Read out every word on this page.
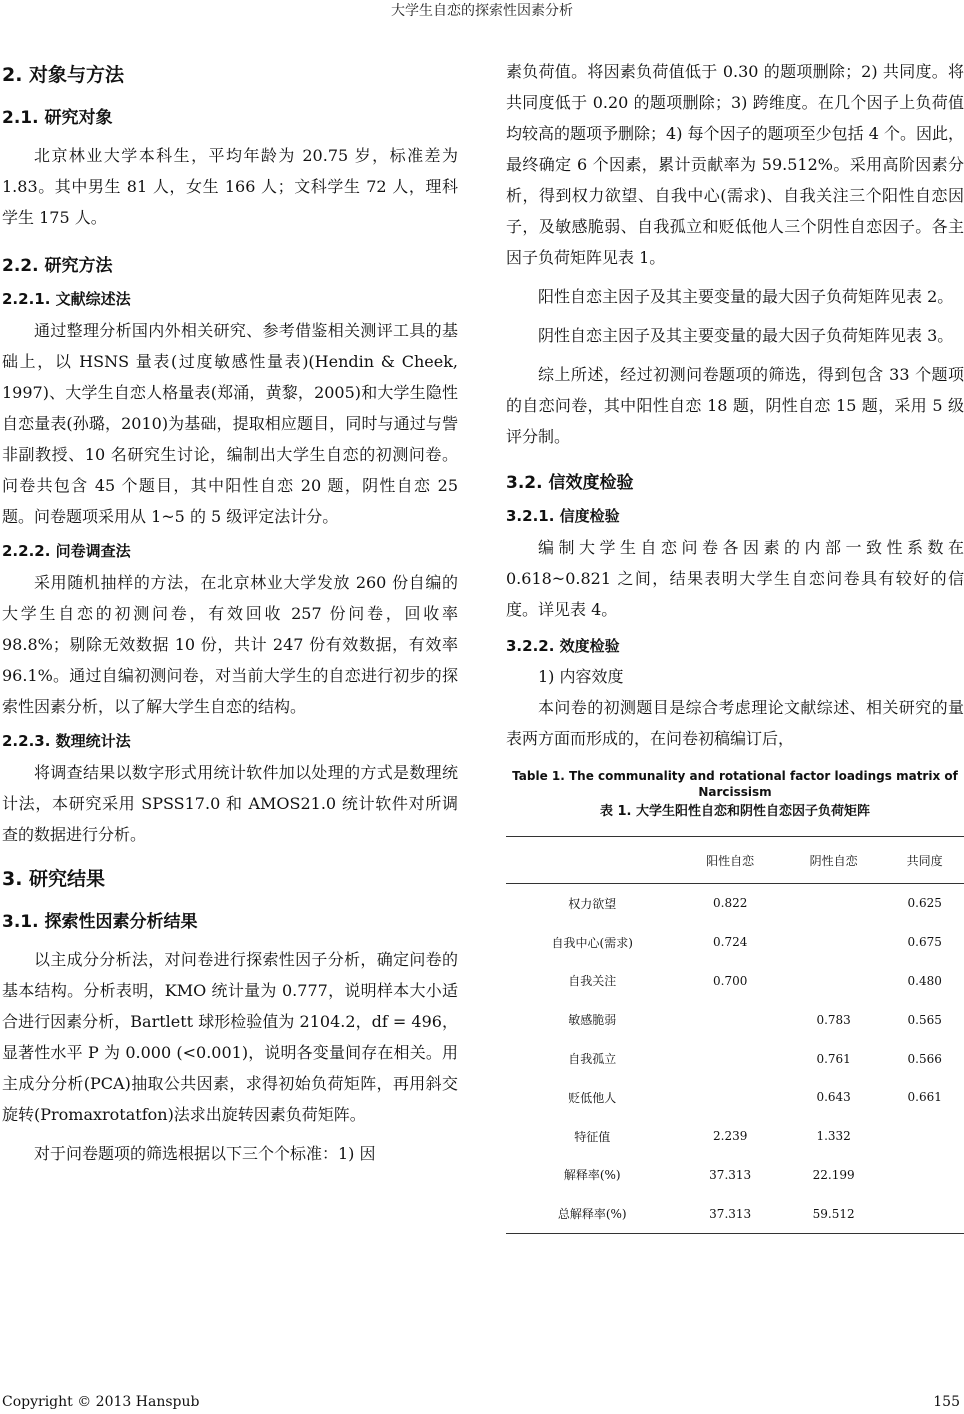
大学生自恋的探索性因素分析
2. 对象与方法
2.1. 研究对象

北京林业大学本科生，平均年龄为 20.75 岁，标准差为 1.83。其中男生 81 人，女生 166 人；文科学生 72 人，理科学生 175 人。

2.2. 研究方法
2.2.1. 文献综述法

通过整理分析国内外相关研究、参考借鉴相关测评工具的基础上，以 HSNS 量表(过度敏感性量表)(Hendin & Cheek, 1997)、大学生自恋人格量表(郑涌，黄黎，2005)和大学生隐性自恋量表(孙璐，2010)为基础，提取相应题目，同时与通过与訾非副教授、10 名研究生讨论，编制出大学生自恋的初测问卷。问卷共包含 45 个题目，其中阳性自恋 20 题，阴性自恋 25 题。问卷题项采用从 1~5 的 5 级评定法计分。

2.2.2. 问卷调查法

采用随机抽样的方法，在北京林业大学发放 260 份自编的大学生自恋的初测问卷，有效回收 257 份问卷，回收率 98.8%；剔除无效数据 10 份，共计 247 份有效数据，有效率 96.1%。通过自编初测问卷，对当前大学生的自恋进行初步的探索性因素分析，以了解大学生自恋的结构。

2.2.3. 数理统计法

将调查结果以数字形式用统计软件加以处理的方式是数理统计法，本研究采用 SPSS17.0 和 AMOS21.0 统计软件对所调查的数据进行分析。

3. 研究结果
3.1. 探索性因素分析结果

以主成分分析法，对问卷进行探索性因子分析，确定问卷的基本结构。分析表明，KMO 统计量为 0.777，说明样本大小适合进行因素分析，Bartlett 球形检验值为 2104.2，df = 496，显著性水平 P 为 0.000 (<0.001)，说明各变量间存在相关。用主成分分析(PCA)抽取公共因素，求得初始负荷矩阵，再用斜交旋转(Promaxrotatfon)法求出旋转因素负荷矩阵。

对于问卷题项的筛选根据以下三个个标准：1) 因

素负荷值。将因素负荷值低于 0.30 的题项删除；2) 共同度。将共同度低于 0.20 的题项删除；3) 跨维度。在几个因子上负荷值均较高的题项予删除；4) 每个因子的题项至少包括 4 个。因此，最终确定 6 个因素，累计贡献率为 59.512%。采用高阶因素分析，得到权力欲望、自我中心(需求)、自我关注三个阳性自恋因子，及敏感脆弱、自我孤立和贬低他人三个阴性自恋因子。各主因子负荷矩阵见表 1。

阳性自恋主因子及其主要变量的最大因子负荷矩阵见表 2。

阴性自恋主因子及其主要变量的最大因子负荷矩阵见表 3。

综上所述，经过初测问卷题项的筛选，得到包含 33 个题项的自恋问卷，其中阳性自恋 18 题，阴性自恋 15 题，采用 5 级评分制。

3.2. 信效度检验
3.2.1. 信度检验

编制大学生自恋问卷各因素的内部一致性系数在 0.618~0.821 之间，结果表明大学生自恋问卷具有较好的信度。详见表 4。

3.2.2. 效度检验
1) 内容效度

本问卷的初测题目是综合考虑理论文献综述、相关研究的量表两方面而形成的，在问卷初稿编订后，

Table 1. The communality and rotational factor loadings matrix of Narcissism
表 1. 大学生阳性自恋和阴性自恋因子负荷矩阵
	阳性自恋	阴性自恋	共同度
权力欲望	0.822		0.625
自我中心(需求)	0.724		0.675
自我关注	0.700		0.480
敏感脆弱		0.783	0.565
自我孤立		0.761	0.566
贬低他人		0.643	0.661
特征值	2.239	1.332	
解释率(%)	37.313	22.199	
总解释率(%)	37.313	59.512	
Copyright © 2013 Hanspub	155
